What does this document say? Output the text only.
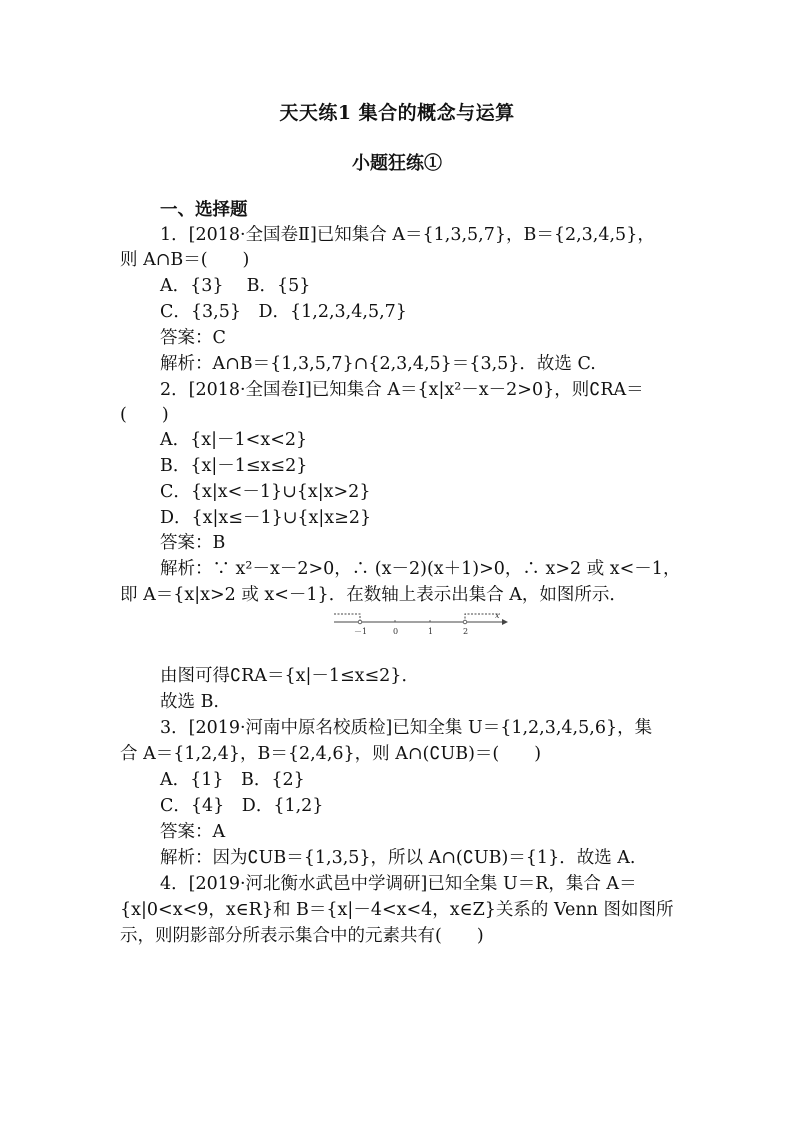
天天练1 集合的概念与运算
小题狂练①
一、选择题
1．[2018·全国卷Ⅱ]已知集合 A＝{1,3,5,7}，B＝{2,3,4,5}，
则 A∩B＝(　　)
A．{3}　 B．{5}
C．{3,5}　D．{1,2,3,4,5,7}
答案：C
解析：A∩B＝{1,3,5,7}∩{2,3,4,5}＝{3,5}．故选 C.
2．[2018·全国卷Ⅰ]已知集合 A＝{x|x²－x－2>0}，则∁RA＝
(　　)
A．{x|－1<x<2}
B．{x|－1≤x≤2}
C．{x|x<－1}∪{x|x>2}
D．{x|x≤－1}∪{x|x≥2}
答案：B
解析：∵ x²－x－2>0，∴ (x－2)(x＋1)>0，∴ x>2 或 x<－1，
即 A＝{x|x>2 或 x<－1}．在数轴上表示出集合 A，如图所示．
－1	0	1	2
x
由图可得∁RA＝{x|－1≤x≤2}．
故选 B.
3．[2019·河南中原名校质检]已知全集 U＝{1,2,3,4,5,6}，集
合 A＝{1,2,4}，B＝{2,4,6}，则 A∩(∁UB)＝(　　)
A．{1}　B．{2}
C．{4}　D．{1,2}
答案：A
解析：因为∁UB＝{1,3,5}，所以 A∩(∁UB)＝{1}．故选 A.
4．[2019·河北衡水武邑中学调研]已知全集 U＝R，集合 A＝
{x|0<x<9，x∈R}和 B＝{x|－4<x<4，x∈Z}关系的 Venn 图如图所
示，则阴影部分所表示集合中的元素共有(　　)
